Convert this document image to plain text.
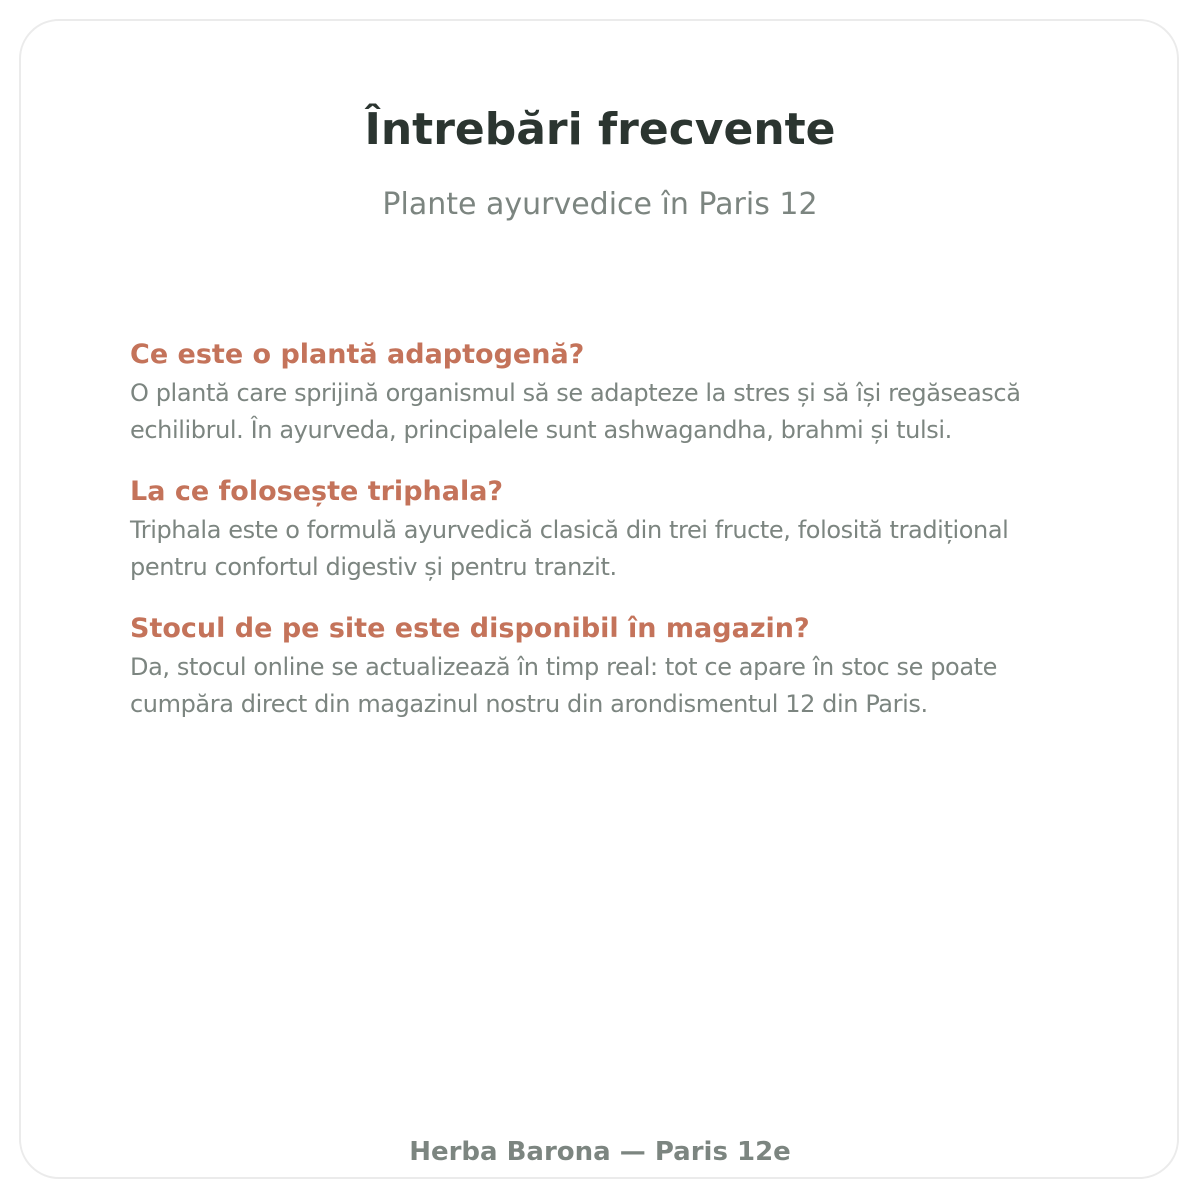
Întrebări frecvente

Plante ayurvedice în Paris 12

Ce este o plantă adaptogenă?

O plantă care sprijină organismul să se adapteze la stres și să își regăsească echilibrul. În ayurveda, principalele sunt ashwagandha, brahmi și tulsi.

La ce folosește triphala?

Triphala este o formulă ayurvedică clasică din trei fructe, folosită tradițional pentru confortul digestiv și pentru tranzit.

Stocul de pe site este disponibil în magazin?

Da, stocul online se actualizează în timp real: tot ce apare în stoc se poate cumpăra direct din magazinul nostru din arondismentul 12 din Paris.

Herba Barona — Paris 12e
